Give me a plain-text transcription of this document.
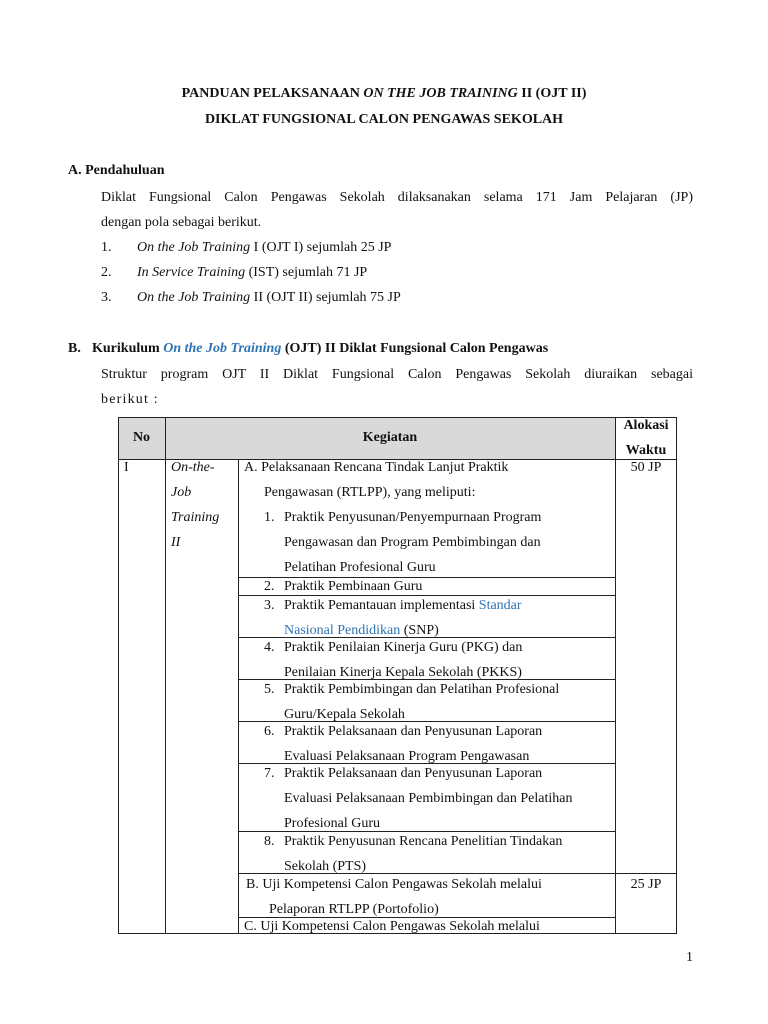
PANDUAN PELAKSANAAN ON THE JOB TRAINING II (OJT II)
DIKLAT FUNGSIONAL CALON PENGAWAS SEKOLAH
A. Pendahuluan
Diklat Fungsional Calon Pengawas Sekolah dilaksanakan selama 171 Jam Pelajaran (JP)
dengan pola sebagai berikut.
1. On the Job Training I (OJT I) sejumlah 25 JP
2. In Service Training (IST) sejumlah 71 JP
3. On the Job Training II (OJT II) sejumlah 75 JP
B. Kurikulum On the Job Training (OJT) II Diklat Fungsional Calon Pengawas
Struktur program OJT II Diklat Fungsional Calon Pengawas Sekolah diuraikan sebagai
berikut :
No	Kegiatan
Alokasi
Waktu
I	On-the-
Job
Training
II
A. Pelaksanaan Rencana Tindak Lanjut Praktik
Pengawasan (RTLPP), yang meliputi:
50 JP
1. Praktik Penyusunan/Penyempurnaan Program
Pengawasan dan Program Pembimbingan dan
Pelatihan Profesional Guru
2. Praktik Pembinaan Guru
3. Praktik Pemantauan implementasi Standar
Nasional Pendidikan (SNP)
4. Praktik Penilaian Kinerja Guru (PKG) dan
Penilaian Kinerja Kepala Sekolah (PKKS)
5. Praktik Pembimbingan dan Pelatihan Profesional
Guru/Kepala Sekolah
6. Praktik Pelaksanaan dan Penyusunan Laporan
Evaluasi Pelaksanaan Program Pengawasan
7. Praktik Pelaksanaan dan Penyusunan Laporan
Evaluasi Pelaksanaan Pembimbingan dan Pelatihan
Profesional Guru
8. Praktik Penyusunan Rencana Penelitian Tindakan
Sekolah (PTS)
B. Uji Kompetensi Calon Pengawas Sekolah melalui
Pelaporan RTLPP (Portofolio)
25 JP
C. Uji Kompetensi Calon Pengawas Sekolah melalui
1
